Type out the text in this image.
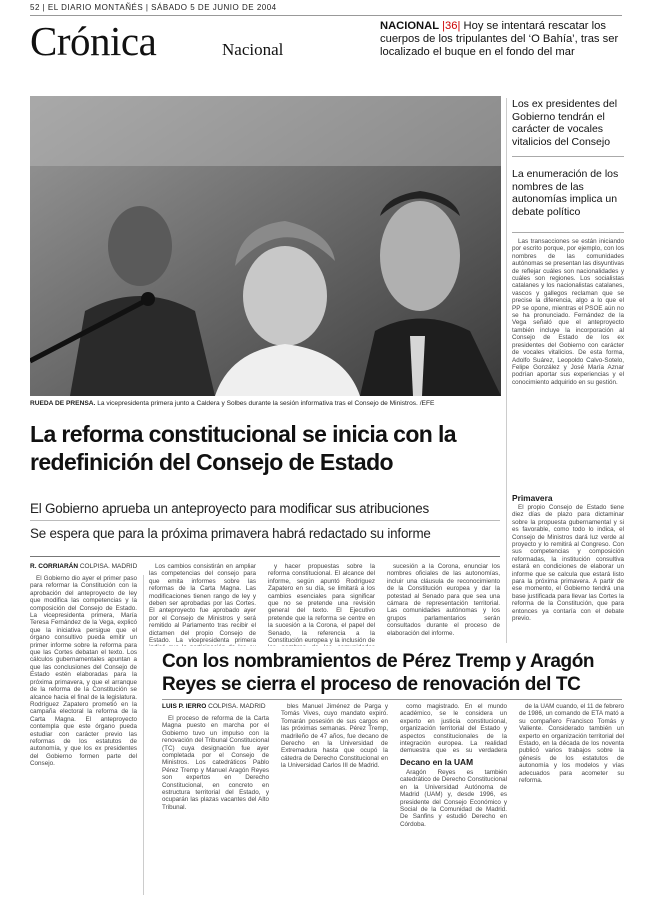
52 | EL DIARIO MONTAÑÉS | SÁBADO 5 DE JUNIO DE 2004
Crónica	Nacional
NACIONAL |36| Hoy se intentará rescatar los cuerpos de los tripulantes del ‘O Bahía’, tras ser localizado el buque en el fondo del mar
RUEDA DE PRENSA. La vicepresidenta primera junto a Caldera y Solbes durante la sesión informativa tras el Consejo de Ministros. /EFE
La reforma constitucional se inicia con la redefinición del Consejo de Estado
El Gobierno aprueba un anteproyecto para modificar sus atribuciones
Se espera que para la próxima primavera habrá redactado su informe
R. CORRIARÁN COLPISA. MADRID

El Gobierno dio ayer el primer paso para reformar la Constitución con la aprobación del anteproyecto de ley que modifica las competencias y la composición del Consejo de Estado. La vicepresidenta primera, María Teresa Fernández de la Vega, explicó que la iniciativa persigue que el órgano consultivo pueda emitir un primer informe sobre la reforma para que las Cortes debatan el texto. Los cálculos gubernamentales apuntan a que las conclusiones del Consejo de Estado estén elaboradas para la próxima primavera, y que el arranque de la reforma de la Constitución se alcance hacia el final de la legislatura. Rodríguez Zapatero prometió en la campaña electoral la reforma de la Carta Magna. El anteproyecto contempla que este órgano pueda estudiar con carácter previo las reformas de los estatutos de autonomía, y que los ex presidentes del Gobierno formen parte del Consejo.

Los cambios consistirán en ampliar las competencias del consejo para que emita informes sobre las reformas de la Carta Magna. Las modificaciones tienen rango de ley y deben ser aprobadas por las Cortes. El anteproyecto fue aprobado ayer por el Consejo de Ministros y será remitido al Parlamento tras recibir el dictamen del propio Consejo de Estado. La vicepresidenta primera

y hacer propuestas sobre la reforma constitucional. El alcance del informe, según apuntó Rodríguez Zapatero en su día, se limitará a los cambios esenciales para significar que no se pretende una revisión general del texto. El Ejecutivo pretende que la reforma se centre en la sucesión a la Corona, el papel del Senado, la referencia a la Constitución europea y la inclusión de

sucesión a la Corona, enunciar los nombres oficiales de las autonomías, incluir una cláusula de reconocimiento de la Constitución europea y dar la potestad al Senado para que sea una cámara de representación territorial. Las comunidades autónomas y los grupos parlamentarios serán consultados durante el proceso de elaboración del informe.

Los ex presidentes del Gobierno tendrán el carácter de vocales vitalicios del Consejo
La enumeración de los nombres de las autonomías implica un debate político

Las transacciones se están iniciando por escrito porque, por ejemplo, con los nombres de las comunidades autónomas se presentan las disyuntivas de reflejar cuáles son nacionalidades y cuáles son regiones. Los socialistas catalanes y los nacionalistas catalanes, vascos y gallegos reclaman que se precise la diferencia, algo a lo que el PP se opone, mientras el PSOE aún no se ha pronunciado. Fernández de la Vega señaló que el anteproyecto también incluye la incorporación al Consejo de Estado de los ex presidentes del Gobierno con carácter de vocales vitalicios. De esta forma, Adolfo Suárez, Leopoldo Calvo-Sotelo, Felipe González y José María Aznar podrían aportar sus experiencias y el conocimiento adquirido en su gestión.

Primavera

El propio Consejo de Estado tiene diez días de plazo para dictaminar sobre la propuesta gubernamental y si es favorable, como todo lo indica, el Consejo de Ministros dará luz verde al proyecto y lo remitirá al Congreso. Con sus competencias y composición reformadas, la institución consultiva estará en condiciones de elaborar un informe que se calcula que estará listo para la próxima primavera. A partir de ese momento, el Gobierno tendrá una base justificada para llevar las Cortes la reforma de la Constitución, que para entonces ya contaría con el debate previo.

Con los nombramientos de Pérez Tremp y Aragón Reyes se cierra el proceso de renovación del TC
LUIS P. IERRO COLPISA. MADRID

El proceso de reforma de la Carta Magna puesto en marcha por el Gobierno tuvo un impulso con la renovación del Tribunal Constitucional (TC) cuya designación fue ayer completada por el Consejo de Ministros. Los catedráticos Pablo Pérez Tremp y Manuel Aragón Reyes son expertos en Derecho Constitucional, en concreto en estructura territorial del Estado, y ocuparán las plazas vacantes del Alto Tribunal.

bles Manuel Jiménez de Parga y Tomás Vives, cuyo mandato expiró. Tomarán posesión de sus cargos en las próximas semanas. Pérez Tremp, madrileño de 47 años, fue decano de Derecho en la Universidad de Extremadura hasta que ocupó la cátedra de Derecho Constitucional en la Universidad Carlos III de Madrid.

como magistrado. En el mundo académico, se le considera un experto en justicia constitucional, organización territorial del Estado y aspectos constitucionales de la integración europea. La realidad demuestra que es su verdadera

Decano en la UAM

Aragón Reyes es también catedrático de Derecho Constitucional en la Universidad Autónoma de Madrid (UAM) y, desde 1996, es presidente del Consejo Económico y Social de la Comunidad de Madrid. De Sanfins y estudió Derecho en Córdoba.

de la UAM cuando, el 11 de febrero de 1986, un comando de ETA mató a su compañero Francisco Tomás y Valiente. Considerado también un experto en organización territorial del Estado, en la década de los noventa publicó varios trabajos sobre la génesis de los estatutos de autonomía y los modelos y vías adecuados para acometer su reforma.
